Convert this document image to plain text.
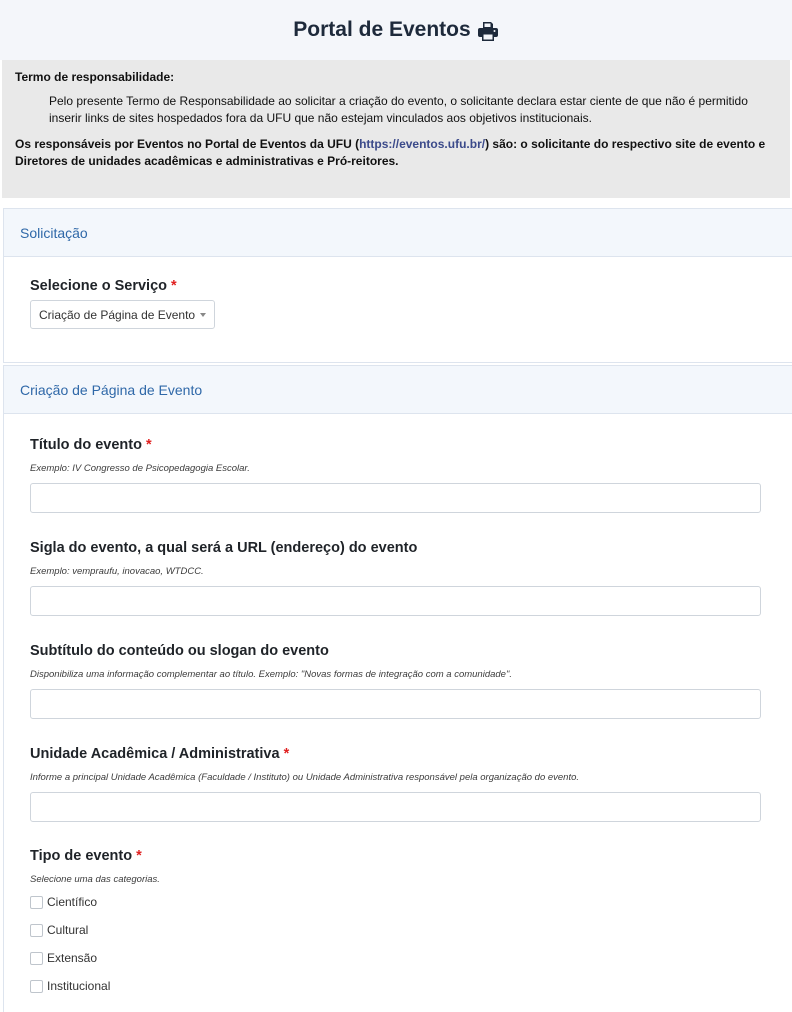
Portal de Eventos
Termo de responsabilidade:
Pelo presente Termo de Responsabilidade ao solicitar a criação do evento, o solicitante declara estar ciente de que não é permitido inserir links de sites hospedados fora da UFU que não estejam vinculados aos objetivos institucionais.
Os responsáveis por Eventos no Portal de Eventos da UFU (https://eventos.ufu.br/) são: o solicitante do respectivo site de evento e Diretores de unidades acadêmicas e administrativas e Pró-reitores.
Solicitação
Selecione o Serviço *
Criação de Página de Evento
Criação de Página de Evento
Título do evento *
Exemplo: IV Congresso de Psicopedagogia Escolar.
Sigla do evento, a qual será a URL (endereço) do evento
Exemplo: vempraufu, inovacao, WTDCC.
Subtítulo do conteúdo ou slogan do evento
Disponibiliza uma informação complementar ao título. Exemplo: "Novas formas de integração com a comunidade".
Unidade Acadêmica / Administrativa *
Informe a principal Unidade Acadêmica (Faculdade / Instituto) ou Unidade Administrativa responsável pela organização do evento.
Tipo de evento *
Selecione uma das categorias.
Científico
Cultural
Extensão
Institucional
